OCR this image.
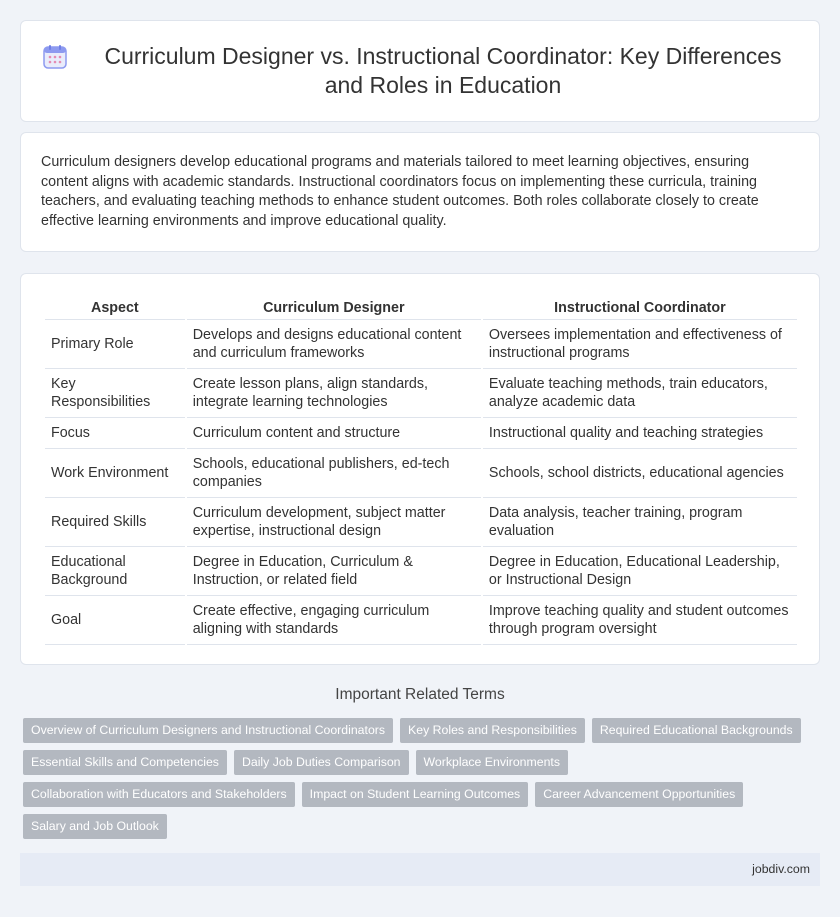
Curriculum Designer vs. Instructional Coordinator: Key Differences and Roles in Education

Curriculum designers develop educational programs and materials tailored to meet learning objectives, ensuring content aligns with academic standards. Instructional coordinators focus on implementing these curricula, training teachers, and evaluating teaching methods to enhance student outcomes. Both roles collaborate closely to create effective learning environments and improve educational quality.

Aspect	Curriculum Designer	Instructional Coordinator
Primary Role	Develops and designs educational content and curriculum frameworks	Oversees implementation and effectiveness of instructional programs
Key Responsibilities	Create lesson plans, align standards, integrate learning technologies	Evaluate teaching methods, train educators, analyze academic data
Focus	Curriculum content and structure	Instructional quality and teaching strategies
Work Environment	Schools, educational publishers, ed-tech companies	Schools, school districts, educational agencies
Required Skills	Curriculum development, subject matter expertise, instructional design	Data analysis, teacher training, program evaluation
Educational Background	Degree in Education, Curriculum & Instruction, or related field	Degree in Education, Educational Leadership, or Instructional Design
Goal	Create effective, engaging curriculum aligning with standards	Improve teaching quality and student outcomes through program oversight
Important Related Terms
Overview of Curriculum Designers and Instructional Coordinators	Key Roles and Responsibilities	Required Educational Backgrounds
Essential Skills and Competencies	Daily Job Duties Comparison	Workplace Environments
Collaboration with Educators and Stakeholders	Impact on Student Learning Outcomes	Career Advancement Opportunities
Salary and Job Outlook
jobdiv.com
